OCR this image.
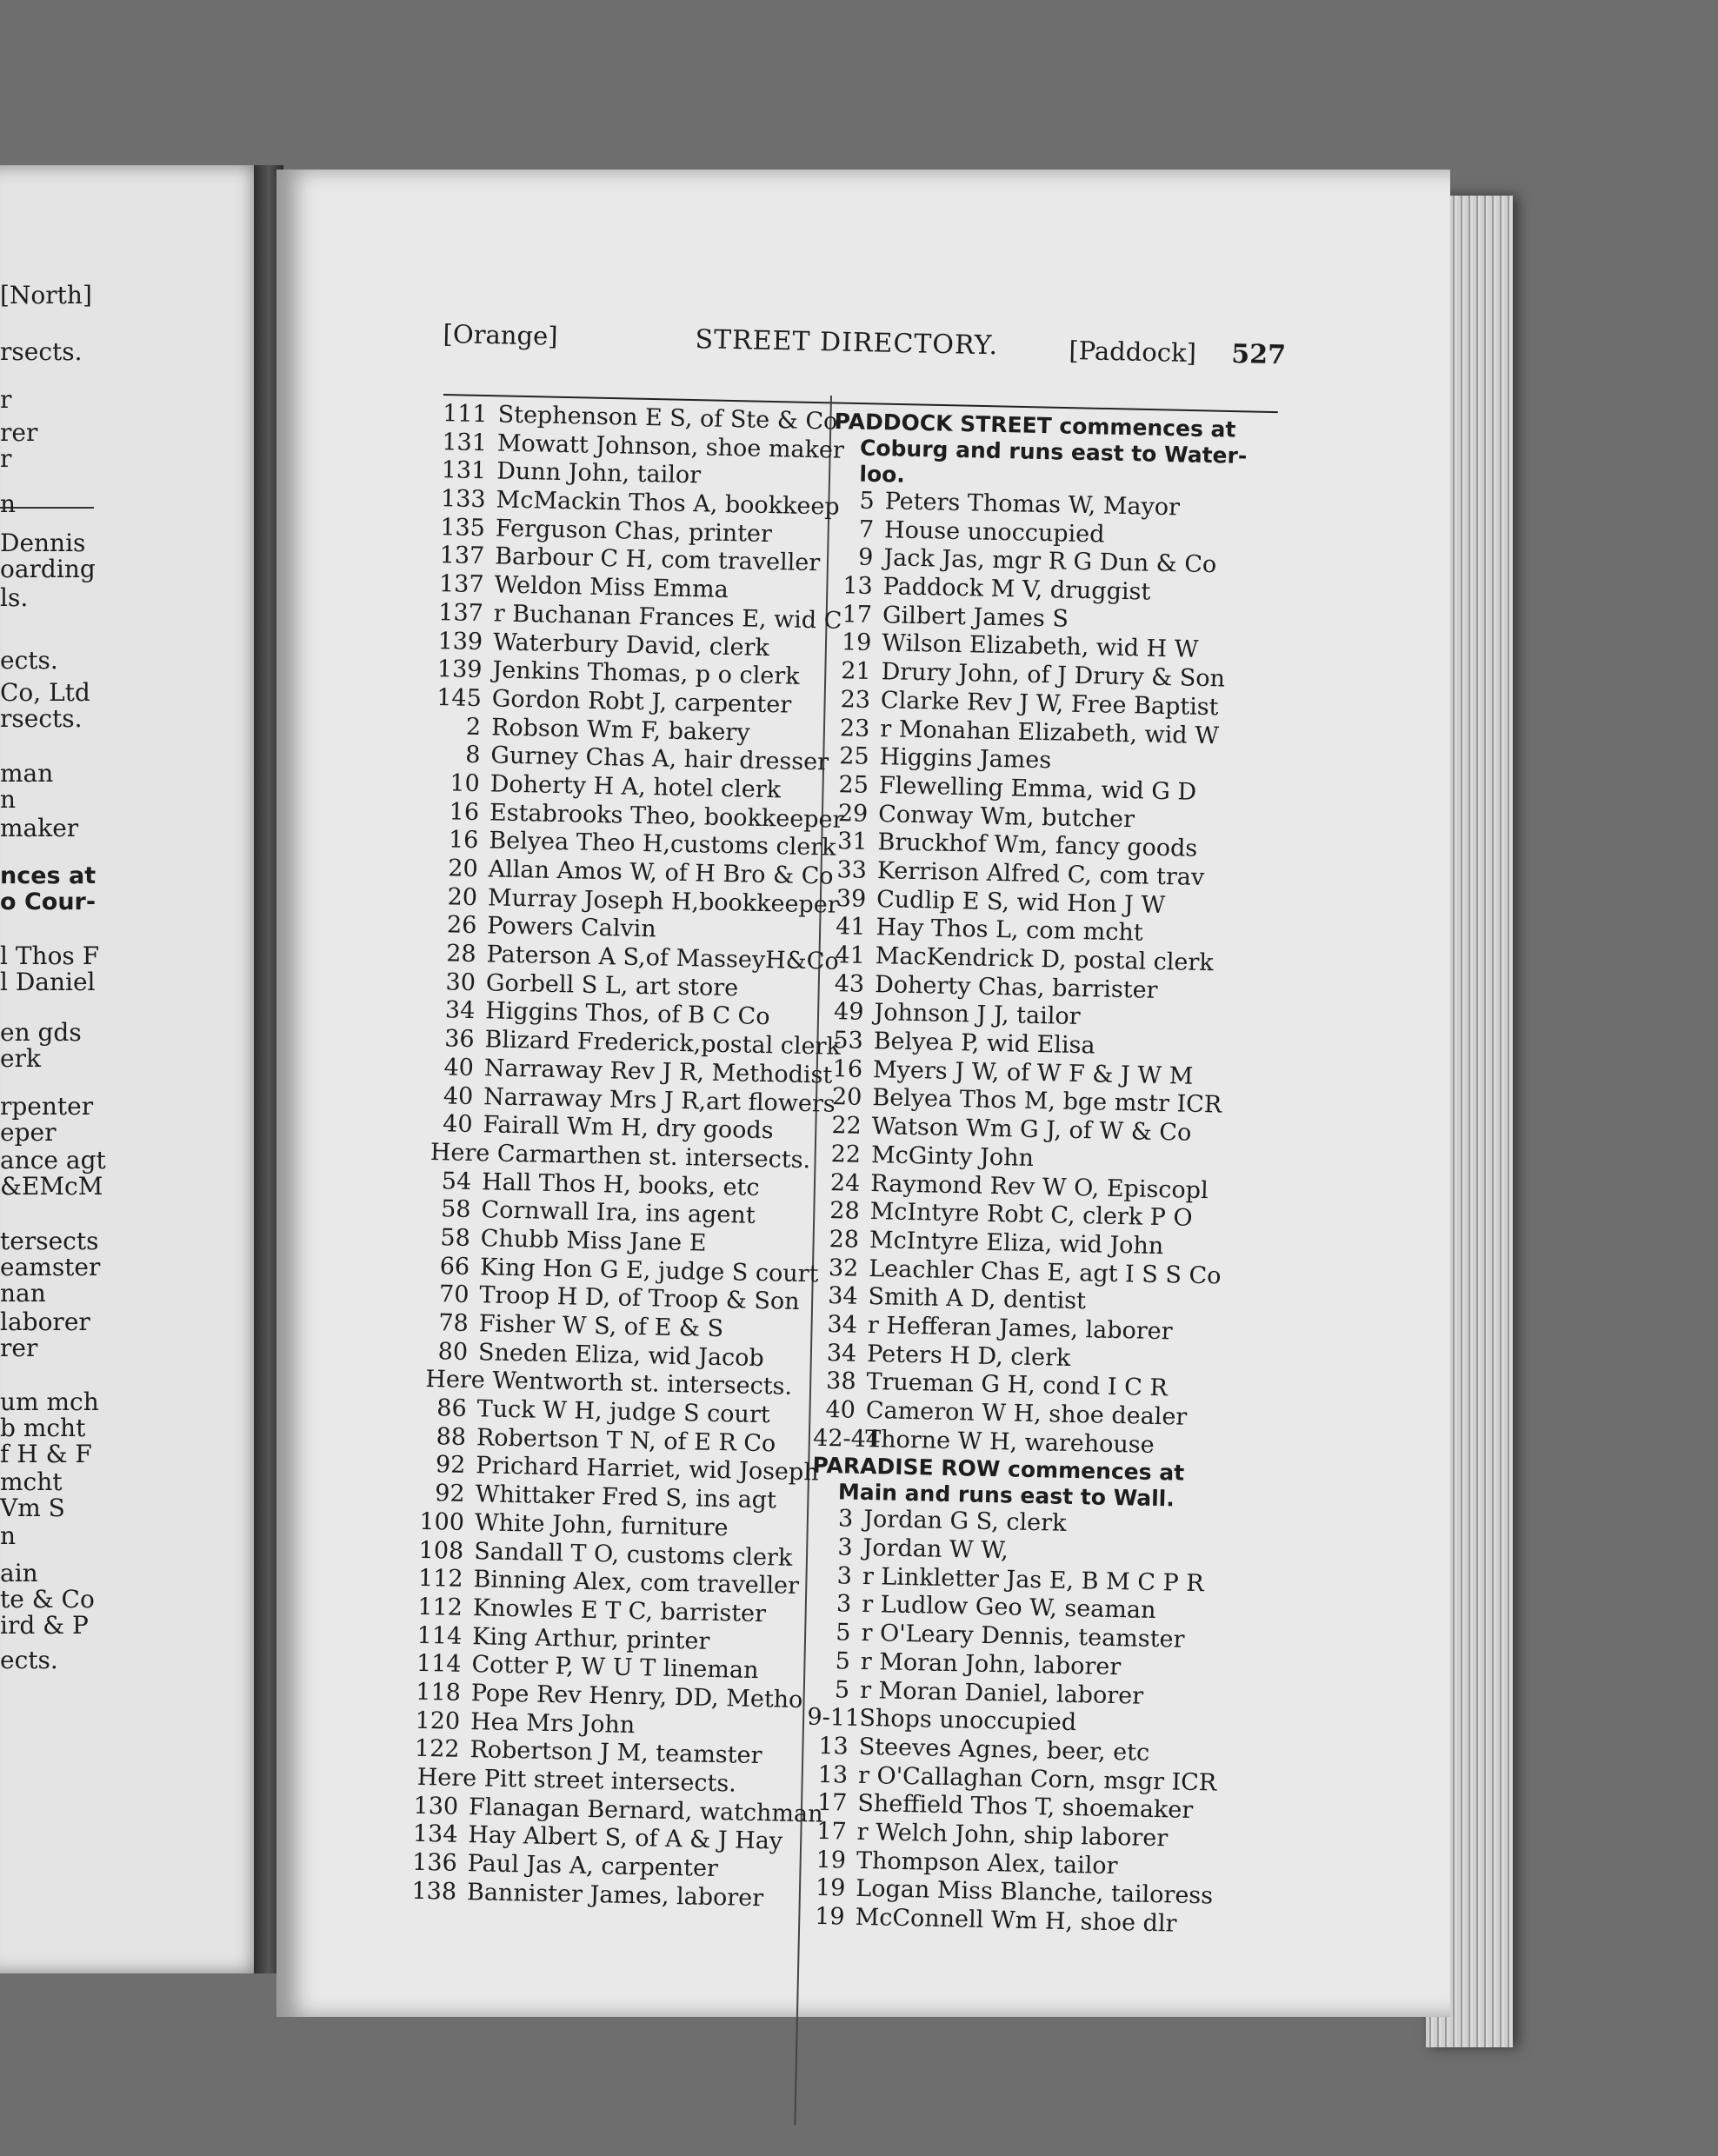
[North]
rsects.
r
rer
r
n
Dennis
oarding
ls.
ects.
Co, Ltd
rsects.
man
n
maker
nces at
o Cour-
l Thos F
l Daniel
en gds
erk
rpenter
eper
ance agt
&EMcM
tersects
eamster
nan
laborer
rer
um mch
b mcht
f H & F
mcht
Vm S
n
ain
te & Co
ird & P
ects.
[Orange]	STREET DIRECTORY.	[Paddock] 527
111 Stephenson E S, of Ste & Co
131 Mowatt Johnson, shoe maker
131 Dunn John, tailor
133 McMackin Thos A, bookkeep
135 Ferguson Chas, printer
137 Barbour C H, com traveller
137 Weldon Miss Emma
137 r Buchanan Frances E, wid C
139 Waterbury David, clerk
139 Jenkins Thomas, p o clerk
145 Gordon Robt J, carpenter
2 Robson Wm F, bakery
8 Gurney Chas A, hair dresser
10 Doherty H A, hotel clerk
16 Estabrooks Theo, bookkeeper
16 Belyea Theo H,customs clerk
20 Allan Amos W, of H Bro & Co
20 Murray Joseph H,bookkeeper
26 Powers Calvin
28 Paterson A S,of MasseyH&Co
30 Gorbell S L, art store
34 Higgins Thos, of B C Co
36 Blizard Frederick,postal clerk
40 Narraway Rev J R, Methodist
40 Narraway Mrs J R,art flowers
40 Fairall Wm H, dry goods
Here Carmarthen st. intersects.
54 Hall Thos H, books, etc
58 Cornwall Ira, ins agent
58 Chubb Miss Jane E
66 King Hon G E, judge S court
70 Troop H D, of Troop & Son
78 Fisher W S, of E & S
80 Sneden Eliza, wid Jacob
Here Wentworth st. intersects.
86 Tuck W H, judge S court
88 Robertson T N, of E R Co
92 Prichard Harriet, wid Joseph
92 Whittaker Fred S, ins agt
100 White John, furniture
108 Sandall T O, customs clerk
112 Binning Alex, com traveller
112 Knowles E T C, barrister
114 King Arthur, printer
114 Cotter P, W U T lineman
118 Pope Rev Henry, DD, Metho
120 Hea Mrs John
122 Robertson J M, teamster
Here Pitt street intersects.
130 Flanagan Bernard, watchman
134 Hay Albert S, of A & J Hay
136 Paul Jas A, carpenter
138 Bannister James, laborer
PADDOCK STREET commences at
Coburg and runs east to Water-
loo.
5 Peters Thomas W, Mayor
7 House unoccupied
9 Jack Jas, mgr R G Dun & Co
13 Paddock M V, druggist
17 Gilbert James S
19 Wilson Elizabeth, wid H W
21 Drury John, of J Drury & Son
23 Clarke Rev J W, Free Baptist
23 r Monahan Elizabeth, wid W
25 Higgins James
25 Flewelling Emma, wid G D
29 Conway Wm, butcher
31 Bruckhof Wm, fancy goods
33 Kerrison Alfred C, com trav
39 Cudlip E S, wid Hon J W
41 Hay Thos L, com mcht
41 MacKendrick D, postal clerk
43 Doherty Chas, barrister
49 Johnson J J, tailor
53 Belyea P, wid Elisa
16 Myers J W, of W F & J W M
20 Belyea Thos M, bge mstr ICR
22 Watson Wm G J, of W & Co
22 McGinty John
24 Raymond Rev W O, Episcopl
28 McIntyre Robt C, clerk P O
28 McIntyre Eliza, wid John
32 Leachler Chas E, agt I S S Co
34 Smith A D, dentist
34 r Hefferan James, laborer
34 Peters H D, clerk
38 Trueman G H, cond I C R
40 Cameron W H, shoe dealer
42-44Thorne W H, warehouse
PARADISE ROW commences at
Main and runs east to Wall.
3 Jordan G S, clerk
3 Jordan W W,
3 r Linkletter Jas E, B M C P R
3 r Ludlow Geo W, seaman
5 r O'Leary Dennis, teamster
5 r Moran John, laborer
5 r Moran Daniel, laborer
9-11Shops unoccupied
13 Steeves Agnes, beer, etc
13 r O'Callaghan Corn, msgr ICR
17 Sheffield Thos T, shoemaker
17 r Welch John, ship laborer
19 Thompson Alex, tailor
19 Logan Miss Blanche, tailoress
19 McConnell Wm H, shoe dlr
